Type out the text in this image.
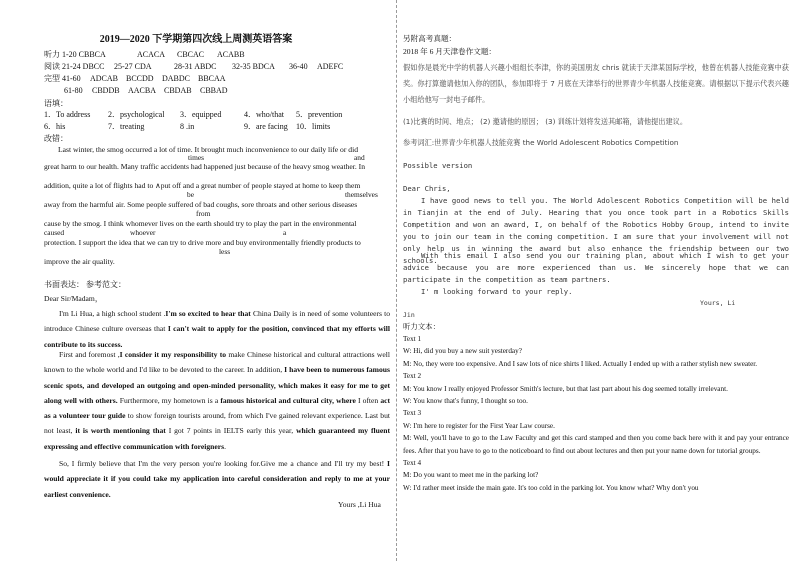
2019—2020 下学期第四次线上周测英语答案
听力 1-20 CBBCA	ACACA	CBCAC	ACABB
阅读 21-24 DBCC	25-27 CDA	28-31 ABDC	32-35 BDCA	36-40	ADEFC
完型 41-60	ADCAB BCCDD	DABDC BBCAA
61-80	CBDDB	AACBA CBDAB	CBBAD
语填：
1．To address	2．psychological	3．equipped	4．who/that	5．prevention
6．his	7．treating	8 .in	9．are facing	10．limits
改错：
Last winter, the smog occurred a lot of time. It brought much inconvenience to our daily life or did
times	and
great harm to our health. Many traffic accidents had happened just because of the heavy smog weather. In
addition, quite a lot of flights had to ∧put off and a great number of people stayed at home to keep them
be	themselves
away from the harmful air. Some people suffered of bad coughs, sore throats and other serious diseases
from
cause by the smog. I think whomever lives on the earth should try to play the part in the environmental
caused	whoever	a
protection. I support the idea that we can try to drive more and buy environmentally friendly products to
less
improve the air quality.
书面表达： 参考范文：
Dear Sir/Madam，
I'm Li Hua, a high school student .I'm so excited to hear that China Daily is in need of some volunteers to introduce Chinese culture overseas that I can't wait to apply for the position, convinced that my efforts will contribute to its success.
First and foremost ,I consider it my responsibility to make Chinese historical and cultural attractions well known to the whole world and I'd like to be devoted to the career. In addition, I have been to numerous famous scenic spots, and developed an outgoing and open-minded personality, which makes it easy for me to get along well with others. Furthermore, my hometown is a famous historical and cultural city, where I often act as a volunteer tour guide to show foreign tourists around, from which I've gained relevant experience. Last but not least, it is worth mentioning that I got 7 points in IELTS early this year, which guaranteed my fluent expressing and effective communication with foreigners.
So, I firmly believe that I'm the very person you're looking for.Give me a chance and I'll try my best! I would appreciate it if you could take my application into careful consideration and reply to me at your earliest convenience.
Yours ,Li Hua
另附高考真题：
2018 年 6 月天津卷作文题：
假如你是晨光中学的机器人兴趣小组组长李津，你的美国朋友 chris 就读于天津某国际学校，他曾在机器人技能竞赛中获奖。你打算邀请他加入你的团队，参加即将于 7 月底在天津举行的世界青少年机器人技能竞赛。请根据以下提示代表兴趣小组给他写一封电子邮件。
(1)比赛的时间、地点； (2) 邀请他的原因； (3) 训练计划将发送其邮箱，请他提出建议。
参考词汇:世界青少年机器人技能竞赛 the World Adolescent Robotics Competition
Possible version
Dear Chris,
I have good news to tell you. The World Adolescent Robotics Competition will be held in Tianjin at the end of July. Hearing that you once took part in a Robotics Skills Competition and won an award, I, on behalf of the Robotics Hobby Group, intend to invite you to join our team in the coming competition. I am sure that your involvement will not only help us in winning the award but also enhance the friendship between our two schools.
With this email I also send you our training plan, about which I wish to get your advice because you are more experienced than us. We sincerely hope that we can participate in the competition as team partners.
I' m looking forward to your reply.
Yours, Li
Jin
听力文本：
Text 1
W: Hi, did you buy a new suit yesterday?
M: No, they were too expensive. And I saw lots of nice shirts I liked. Actually I ended up with a rather stylish new sweater.
Text 2
M: You know I really enjoyed Professor Smith's lecture, but that last part about his dog seemed totally irrelevant.
W: You know that's funny, I thought so too.
Text 3
W: I'm here to register for the First Year Law course.
M: Well, you'll have to go to the Law Faculty and get this card stamped and then you come back here with it and pay your entrance fees. After that you have to go to the noticeboard to find out about lectures and then put your name down for tutorial groups.
Text 4
M: Do you want to meet me in the parking lot?
W: I'd rather meet inside the main gate. It's too cold in the parking lot. You know what? Why don't you
